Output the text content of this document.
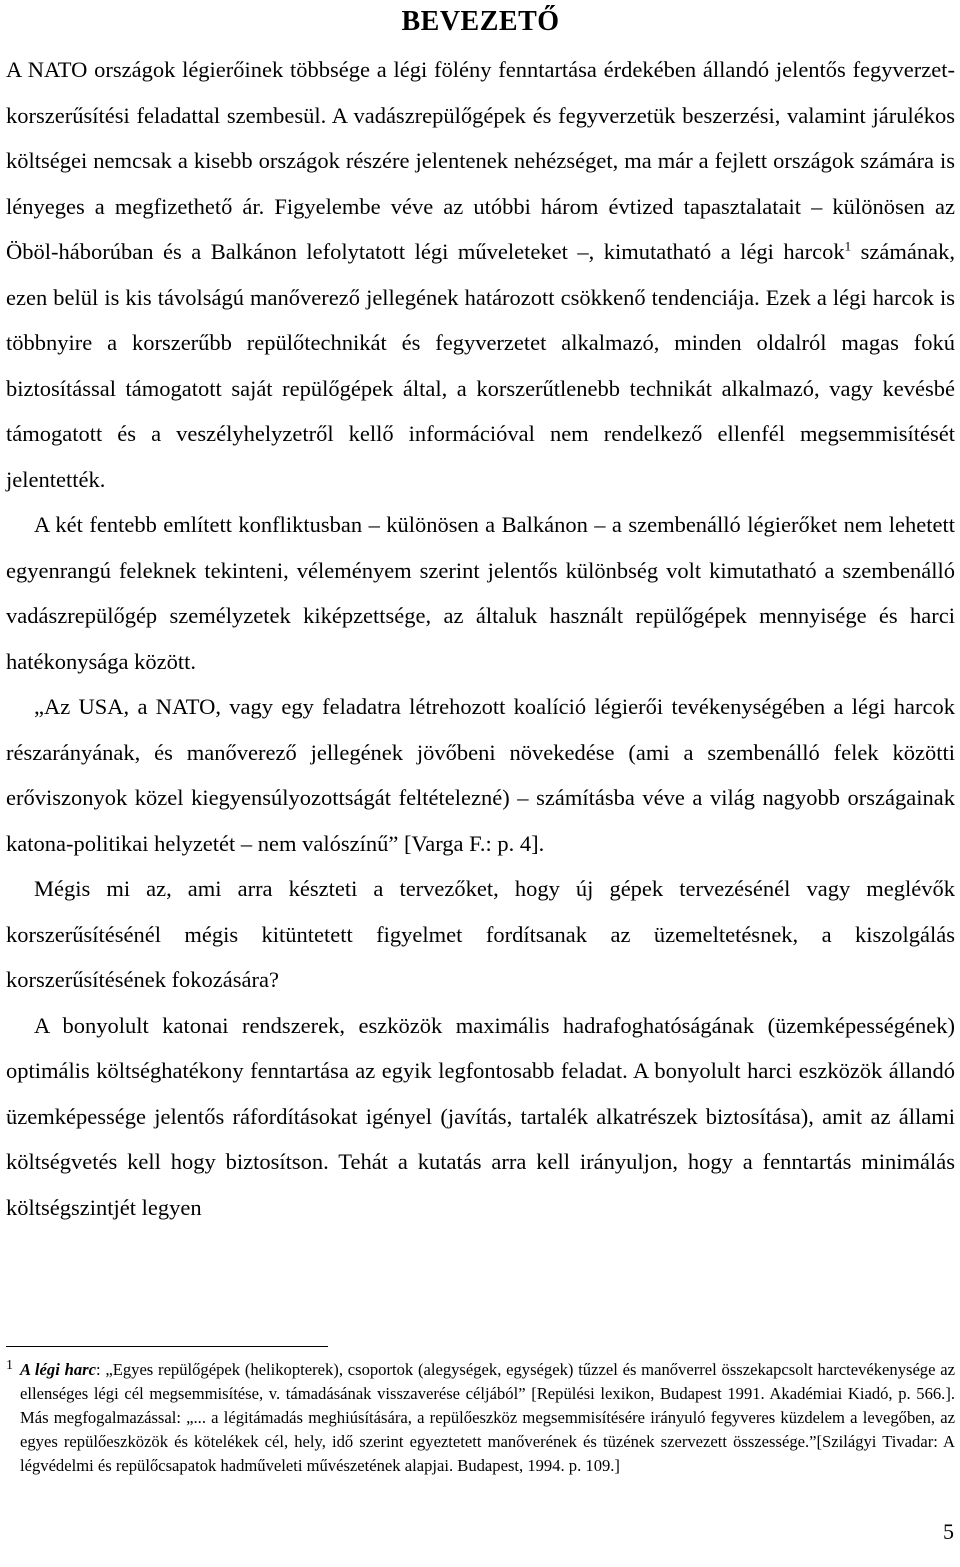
BEVEZETŐ

A NATO országok légierőinek többsége a légi fölény fenntartása érdekében állandó jelentős fegyverzet-korszerűsítési feladattal szembesül. A vadászrepülőgépek és fegyverzetük beszerzési, valamint járulékos költségei nemcsak a kisebb országok részére jelentenek nehézséget, ma már a fejlett országok számára is lényeges a megfizethető ár. Figyelembe véve az utóbbi három évtized tapasztalatait – különösen az Öböl-háborúban és a Balkánon lefolytatott légi műveleteket –, kimutatható a légi harcok$^1$ számának, ezen belül is kis távolságú manőverező jellegének határozott csökkenő tendenciája. Ezek a légi harcok is többnyire a korszerűbb repülőtechnikát és fegyverzetet alkalmazó, minden oldalról magas fokú biztosítással támogatott saját repülőgépek által, a korszerűtlenebb technikát alkalmazó, vagy kevésbé támogatott és a veszélyhelyzetről kellő információval nem rendelkező ellenfél megsemmisítését jelentették.

A két fentebb említett konfliktusban – különösen a Balkánon – a szembenálló légierőket nem lehetett egyenrangú feleknek tekinteni, véleményem szerint jelentős különbség volt kimutatható a szembenálló vadászrepülőgép személyzetek kiképzettsége, az általuk használt repülőgépek mennyisége és harci hatékonysága között.

„Az USA, a NATO, vagy egy feladatra létrehozott koalíció légierői tevékenységében a légi harcok részarányának, és manőverező jellegének jövőbeni növekedése (ami a szembenálló felek közötti erőviszonyok közel kiegyensúlyozottságát feltételezné) – számításba véve a világ nagyobb országainak katona-politikai helyzetét – nem valószínű” [Varga F.: p. 4].

Mégis mi az, ami arra készteti a tervezőket, hogy új gépek tervezésénél vagy meglévők korszerűsítésénél mégis kitüntetett figyelmet fordítsanak az üzemeltetésnek, a kiszolgálás korszerűsítésének fokozására?

A bonyolult katonai rendszerek, eszközök maximális hadrafoghatóságának (üzemképességének) optimális költséghatékony fenntartása az egyik legfontosabb feladat. A bonyolult harci eszközök állandó üzemképessége jelentős ráfordításokat igényel (javítás, tartalék alkatrészek biztosítása), amit az állami költségvetés kell hogy biztosítson. Tehát a kutatás arra kell irányuljon, hogy a fenntartás minimálás költségszintjét legyen

1 A légi harc: „Egyes repülőgépek (helikopterek), csoportok (alegységek, egységek) tűzzel és manőverrel összekapcsolt harctevékenysége az ellenséges légi cél megsemmisítése, v. támadásának visszaverése céljából” [Repülési lexikon, Budapest 1991. Akadémiai Kiadó, p. 566.]. Más megfogalmazással: „... a légitámadás meghiúsítására, a repülőeszköz megsemmisítésére irányuló fegyveres küzdelem a levegőben, az egyes repülőeszközök és kötelékek cél, hely, idő szerint egyeztetett manőverének és tüzének szervezett összessége.”[Szilágyi Tivadar: A légvédelmi és repülőcsapatok hadműveleti művészetének alapjai. Budapest, 1994. p. 109.]
5
